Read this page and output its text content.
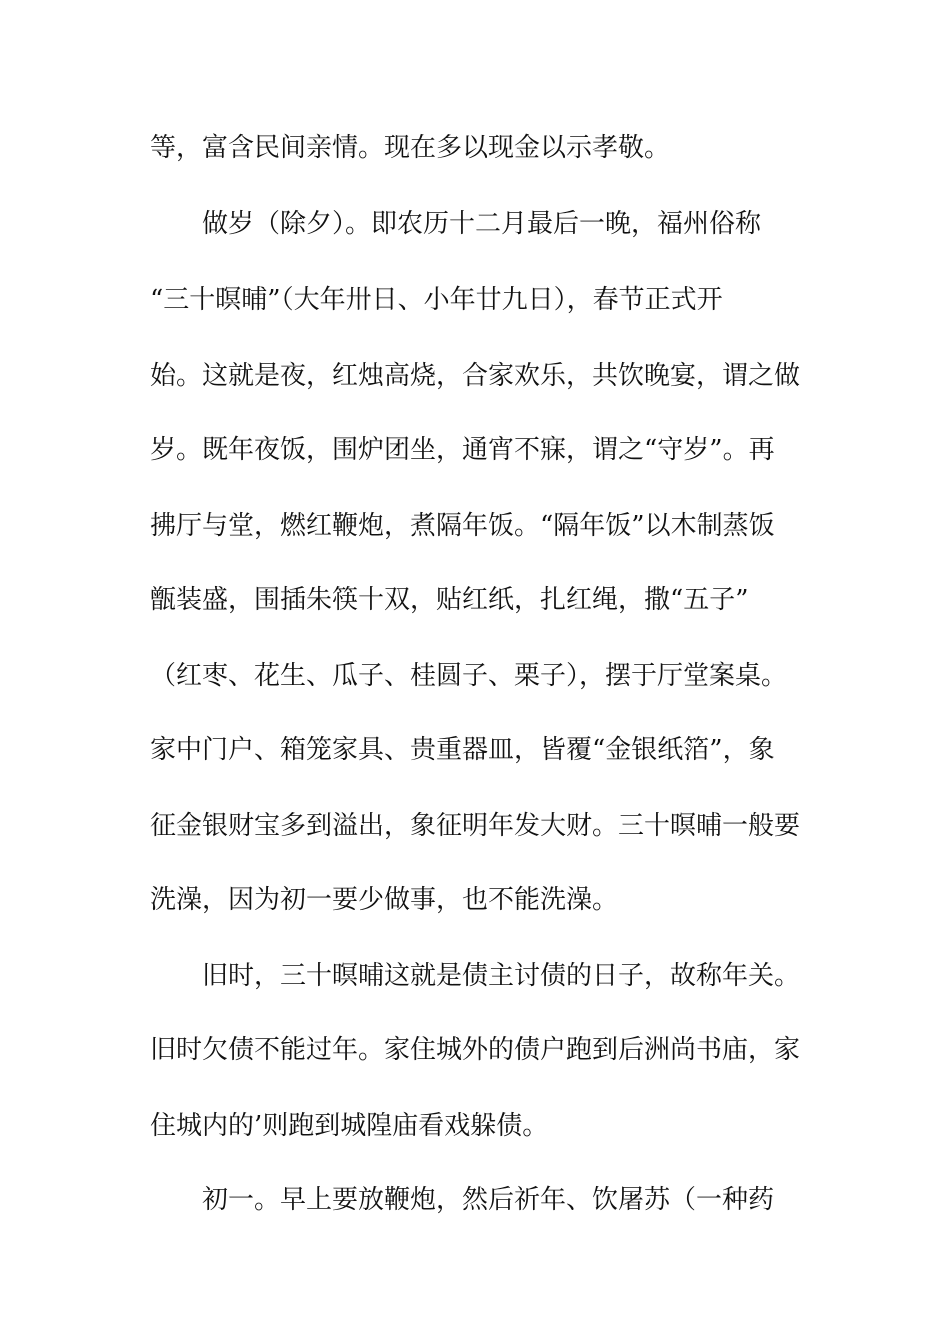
等，富含民间亲情。现在多以现金以示孝敬。
做岁（除夕）。即农历十二月最后一晚，福州俗称
“三十暝晡”（大年卅日、小年廿九日），春节正式开
始。这就是夜，红烛高烧，合家欢乐，共饮晚宴，谓之做
岁。既年夜饭，围炉团坐，通宵不寐，谓之“守岁”。再
拂厅与堂，燃红鞭炮，煮隔年饭。“隔年饭”以木制蒸饭
甑装盛，围插朱筷十双，贴红纸，扎红绳，撒“五子”
（红枣、花生、瓜子、桂圆子、栗子），摆于厅堂案桌。
家中门户、箱笼家具、贵重器皿，皆覆“金银纸箔”，象
征金银财宝多到溢出，象征明年发大财。三十暝晡一般要
洗澡，因为初一要少做事，也不能洗澡。
旧时，三十暝晡这就是债主讨债的日子，故称年关。
旧时欠债不能过年。家住城外的债户跑到后洲尚书庙，家
住城内的’则跑到城隍庙看戏躲债。
初一。早上要放鞭炮，然后祈年、饮屠苏（一种药
